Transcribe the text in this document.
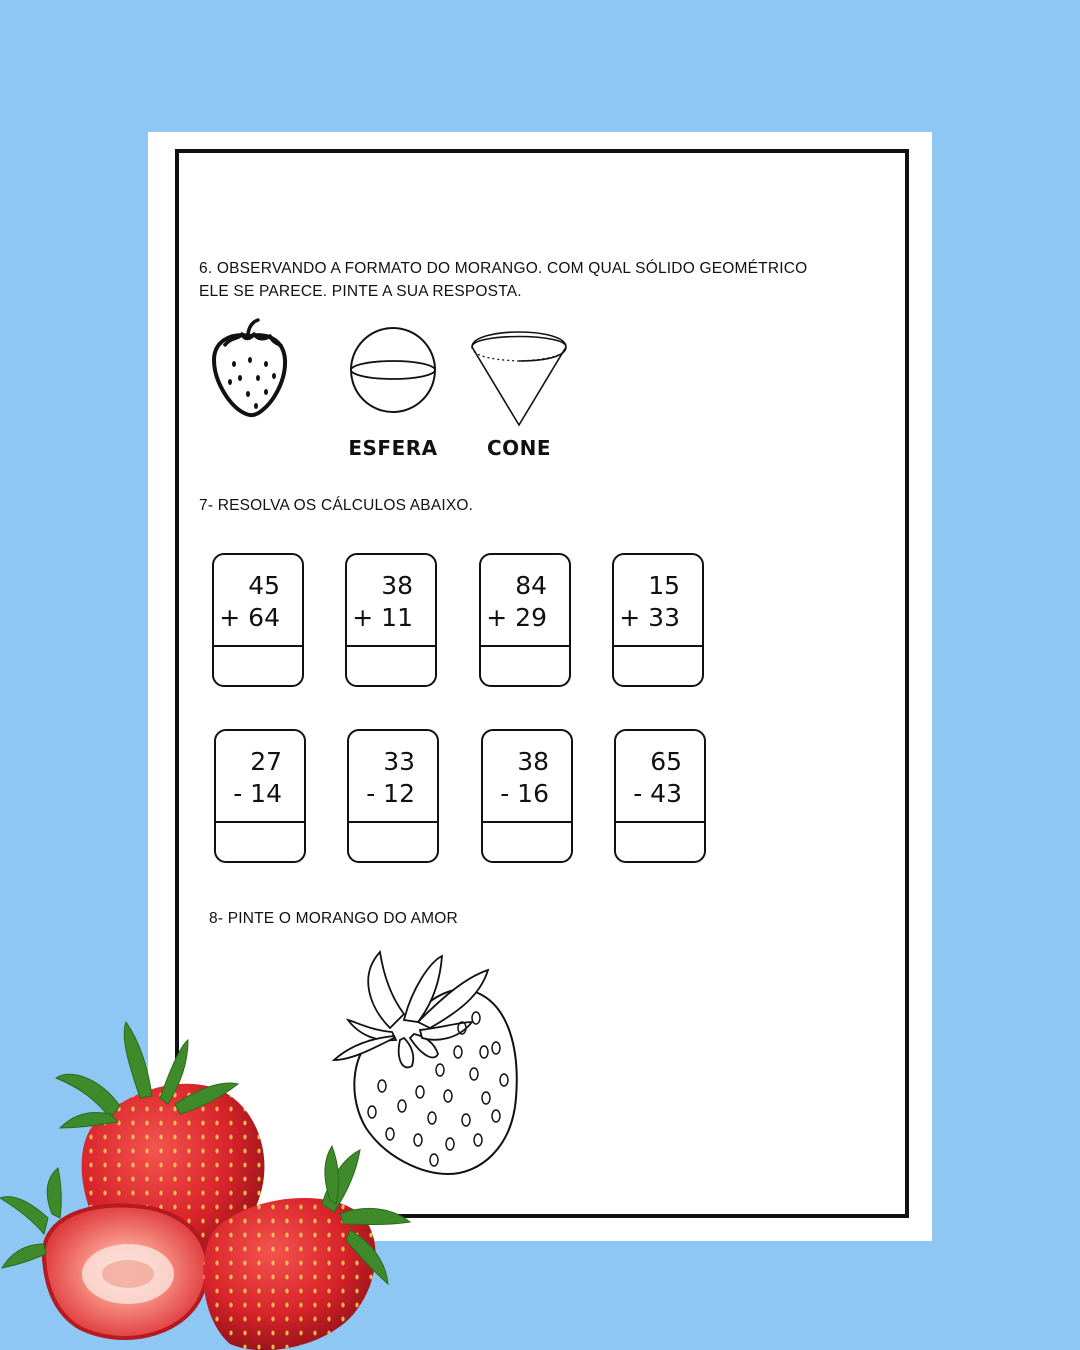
6. OBSERVANDO A FORMATO DO MORANGO. COM QUAL SÓLIDO GEOMÉTRICO
ELE SE PARECE. PINTE A SUA RESPOSTA.
ESFERA	CONE
7- RESOLVA OS CÁLCULOS ABAIXO.
45
+ 64
38
+ 11
84
+ 29
15
+ 33
27
- 14
33
- 12
38
- 16
65
- 43
8- PINTE O MORANGO DO AMOR
